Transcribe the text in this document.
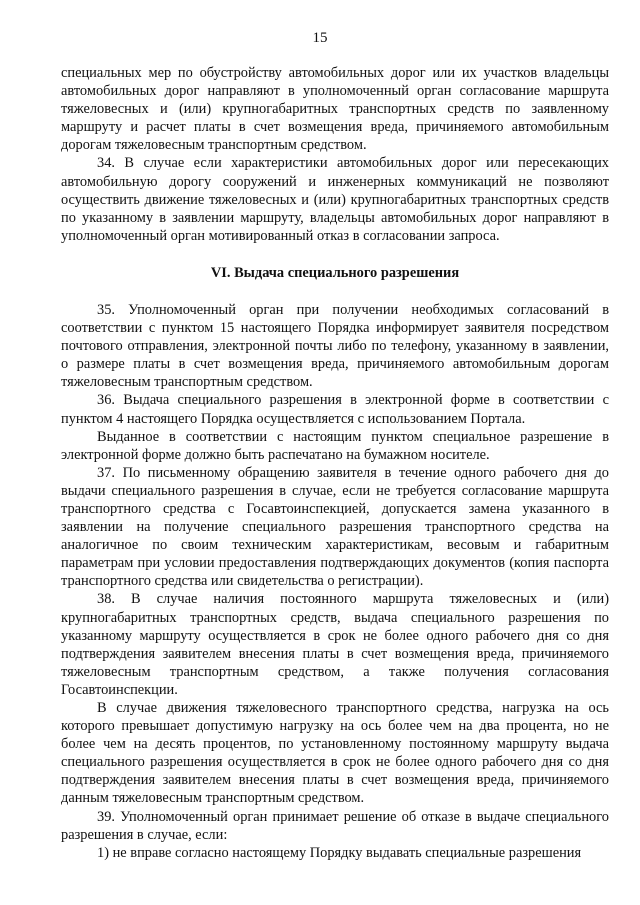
15

специальных мер по обустройству автомобильных дорог или их участков владельцы автомобильных дорог направляют в уполномоченный орган согласование маршрута тяжеловесных и (или) крупногабаритных транспортных средств по заявленному маршруту и расчет платы в счет возмещения вреда, причиняемого автомобильным дорогам тяжеловесным транспортным средством.

34. В случае если характеристики автомобильных дорог или пересекающих автомобильную дорогу сооружений и инженерных коммуникаций не позволяют осуществить движение тяжеловесных и (или) крупногабаритных транспортных средств по указанному в заявлении маршруту, владельцы автомобильных дорог направляют в уполномоченный орган мотивированный отказ в согласовании запроса.

VI. Выдача специального разрешения

35. Уполномоченный орган при получении необходимых согласований в соответствии с пунктом 15 настоящего Порядка информирует заявителя посредством почтового отправления, электронной почты либо по телефону, указанному в заявлении, о размере платы в счет возмещения вреда, причиняемого автомобильным дорогам тяжеловесным транспортным средством.

36. Выдача специального разрешения в электронной форме в соответствии с пунктом 4 настоящего Порядка осуществляется с использованием Портала.

Выданное в соответствии с настоящим пунктом специальное разрешение в электронной форме должно быть распечатано на бумажном носителе.

37. По письменному обращению заявителя в течение одного рабочего дня до выдачи специального разрешения в случае, если не требуется согласование маршрута транспортного средства с Госавтоинспекцией, допускается замена указанного в заявлении на получение специального разрешения транспортного средства на аналогичное по своим техническим характеристикам, весовым и габаритным параметрам при условии предоставления подтверждающих документов (копия паспорта транспортного средства или свидетельства о регистрации).

38. В случае наличия постоянного маршрута тяжеловесных и (или) крупногабаритных транспортных средств, выдача специального разрешения по указанному маршруту осуществляется в срок не более одного рабочего дня со дня подтверждения заявителем внесения платы в счет возмещения вреда, причиняемого тяжеловесным транспортным средством, а также получения согласования Госавтоинспекции.

В случае движения тяжеловесного транспортного средства, нагрузка на ось которого превышает допустимую нагрузку на ось более чем на два процента, но не более чем на десять процентов, по установленному постоянному маршруту выдача специального разрешения осуществляется в срок не более одного рабочего дня со дня подтверждения заявителем внесения платы в счет возмещения вреда, причиняемого данным тяжеловесным транспортным средством.

39. Уполномоченный орган принимает решение об отказе в выдаче специального разрешения в случае, если:

1) не вправе согласно настоящему Порядку выдавать специальные разрешения
